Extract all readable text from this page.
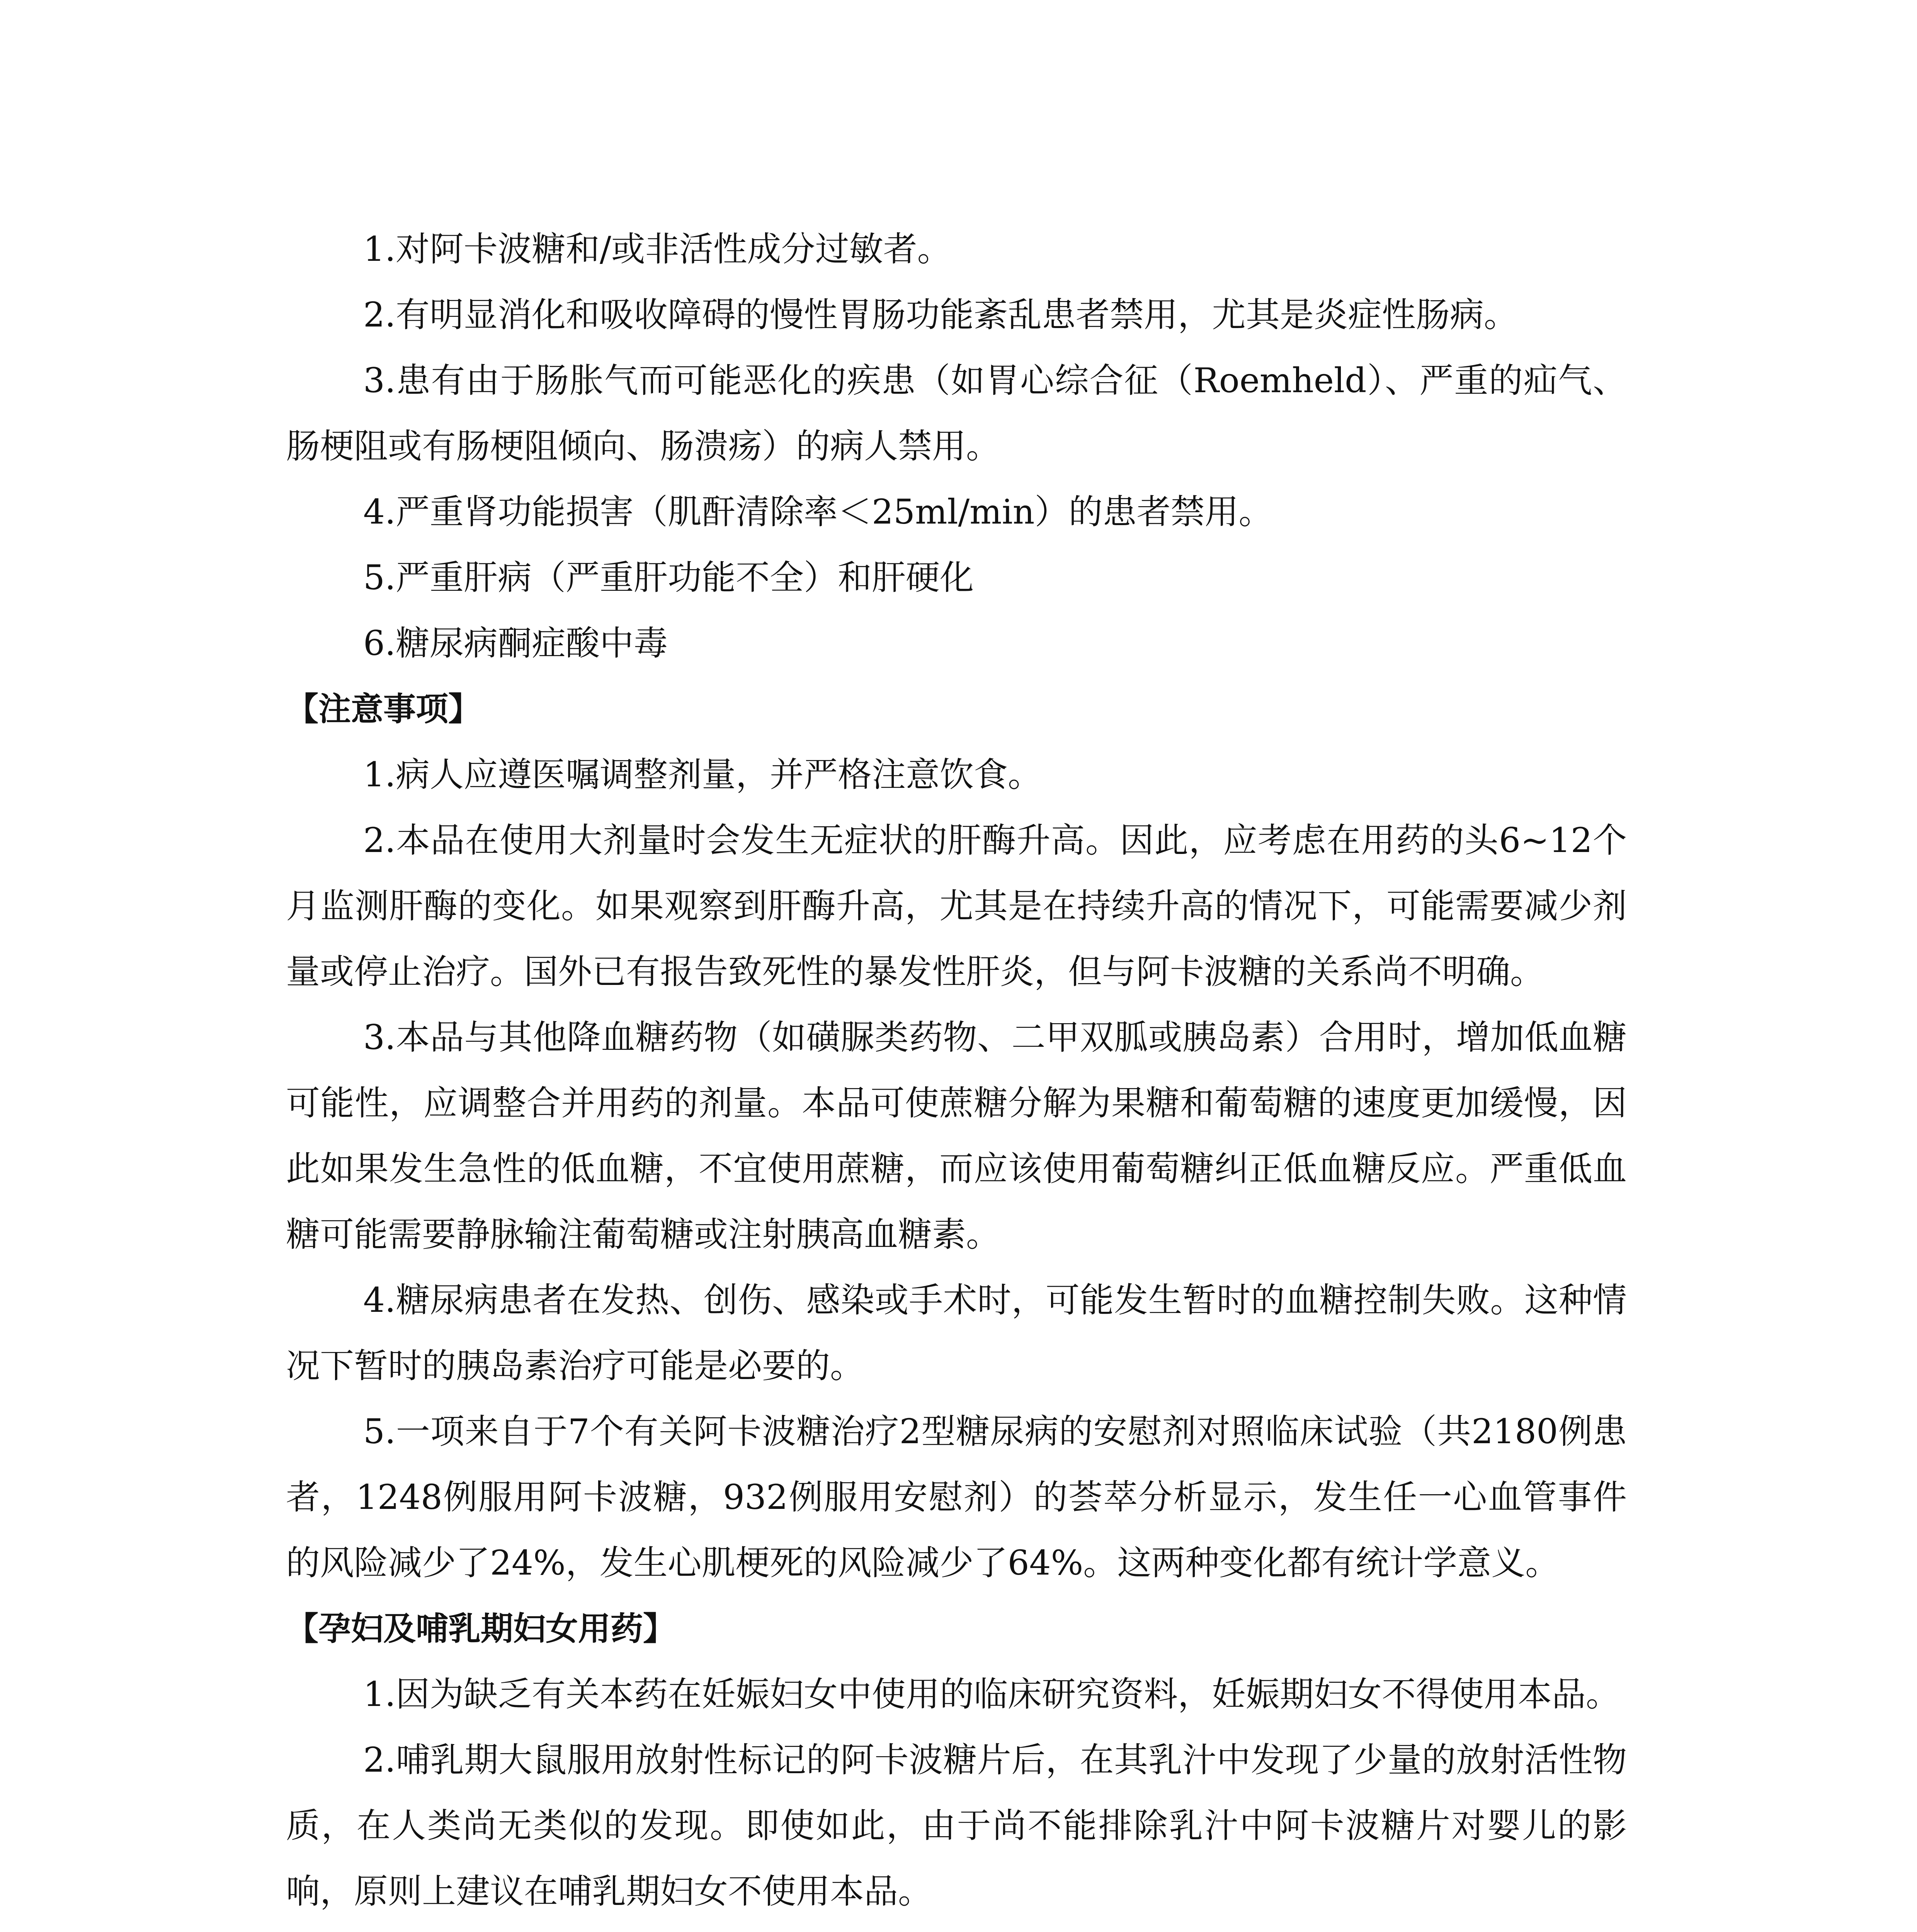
1.对阿卡波糖和/或非活性成分过敏者。

2.有明显消化和吸收障碍的慢性胃肠功能紊乱患者禁用，尤其是炎症性肠病。

3.患有由于肠胀气而可能恶化的疾患（如胃心综合征（Roemheld）、严重的疝气、肠梗阻或有肠梗阻倾向、肠溃疡）的病人禁用。

4.严重肾功能损害（肌酐清除率＜25ml/min）的患者禁用。

5.严重肝病（严重肝功能不全）和肝硬化

6.糖尿病酮症酸中毒

【注意事项】

1.病人应遵医嘱调整剂量，并严格注意饮食。

2.本品在使用大剂量时会发生无症状的肝酶升高。因此，应考虑在用药的头6~12个月监测肝酶的变化。如果观察到肝酶升高，尤其是在持续升高的情况下，可能需要减少剂量或停止治疗。国外已有报告致死性的暴发性肝炎，但与阿卡波糖的关系尚不明确。

3.本品与其他降血糖药物（如磺脲类药物、二甲双胍或胰岛素）合用时，增加低血糖可能性，应调整合并用药的剂量。本品可使蔗糖分解为果糖和葡萄糖的速度更加缓慢，因此如果发生急性的低血糖，不宜使用蔗糖，而应该使用葡萄糖纠正低血糖反应。严重低血糖可能需要静脉输注葡萄糖或注射胰高血糖素。

4.糖尿病患者在发热、创伤、感染或手术时，可能发生暂时的血糖控制失败。这种情况下暂时的胰岛素治疗可能是必要的。

5.一项来自于7个有关阿卡波糖治疗2型糖尿病的安慰剂对照临床试验（共2180例患者，1248例服用阿卡波糖，932例服用安慰剂）的荟萃分析显示，发生任一心血管事件的风险减少了24%，发生心肌梗死的风险减少了64%。这两种变化都有统计学意义。

【孕妇及哺乳期妇女用药】

1.因为缺乏有关本药在妊娠妇女中使用的临床研究资料，妊娠期妇女不得使用本品。

2.哺乳期大鼠服用放射性标记的阿卡波糖片后，在其乳汁中发现了少量的放射活性物质，在人类尚无类似的发现。即使如此，由于尚不能排除乳汁中阿卡波糖片对婴儿的影响，原则上建议在哺乳期妇女不使用本品。
